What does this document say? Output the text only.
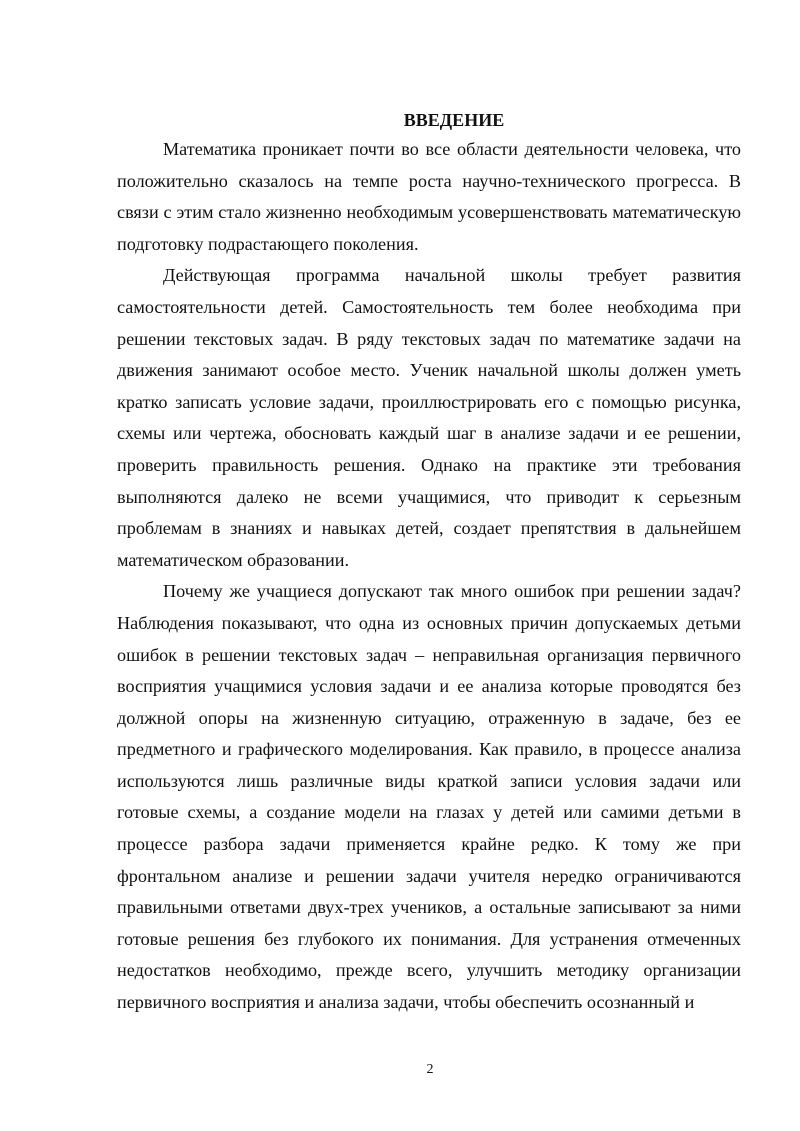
ВВЕДЕНИЕ

Математика проникает почти во все области деятельности человека, что положительно сказалось на темпе роста научно-технического прогресса. В связи с этим стало жизненно необходимым усовершенствовать математическую подготовку подрастающего поколения.

Действующая программа начальной школы требует развития самостоятельности детей. Самостоятельность тем более необходима при решении текстовых задач. В ряду текстовых задач по математике задачи на движения занимают особое место. Ученик начальной школы должен уметь кратко записать условие задачи, проиллюстрировать его с помощью рисунка, схемы или чертежа, обосновать каждый шаг в анализе задачи и ее решении, проверить правильность решения. Однако на практике эти требования выполняются далеко не всеми учащимися, что приводит к серьезным проблемам в знаниях и навыках детей, создает препятствия в дальнейшем математическом образовании.

Почему же учащиеся допускают так много ошибок при решении задач? Наблюдения показывают, что одна из основных причин допускаемых детьми ошибок в решении текстовых задач – неправильная организация первичного восприятия учащимися условия задачи и ее анализа которые проводятся без должной опоры на жизненную ситуацию, отраженную в задаче, без ее предметного и графического моделирования. Как правило, в процессе анализа используются лишь различные виды краткой записи условия задачи или готовые схемы, а создание модели на глазах у детей или самими детьми в процессе разбора задачи применяется крайне редко. К тому же при фронтальном анализе и решении задачи учителя нередко ограничиваются правильными ответами двух-трех учеников, а остальные записывают за ними готовые решения без глубокого их понимания. Для устранения отмеченных недостатков необходимо, прежде всего, улучшить методику организации первичного восприятия и анализа задачи, чтобы обеспечить осознанный и

2
